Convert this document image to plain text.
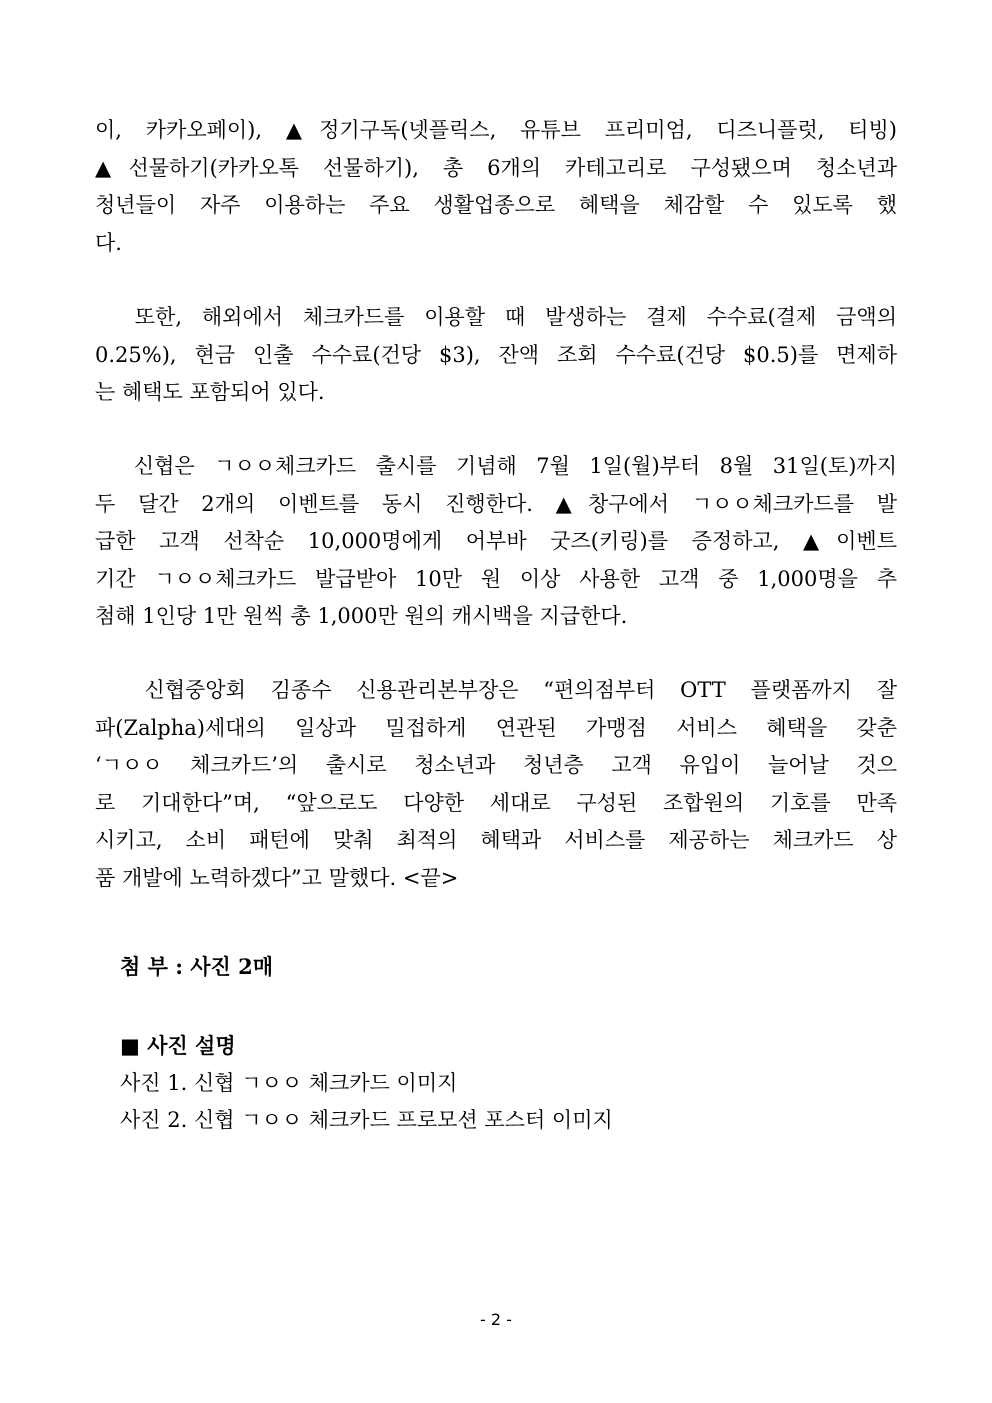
이, 카카오페이), ▲정기구독(넷플릭스, 유튜브 프리미엄, 디즈니플럿, 티빙)
▲선물하기(카카오톡 선물하기), 총 6개의 카테고리로 구성됐으며 청소년과
청년들이 자주 이용하는 주요 생활업종으로 혜택을 체감할 수 있도록 했
다.
또한, 해외에서 체크카드를 이용할 때 발생하는 결제 수수료(결제 금액의
0.25%), 현금 인출 수수료(건당 $3), 잔액 조회 수수료(건당 $0.5)를 면제하
는 혜택도 포함되어 있다.
신협은 ㄱㅇㅇ체크카드 출시를 기념해 7월 1일(월)부터 8월 31일(토)까지
두 달간 2개의 이벤트를 동시 진행한다. ▲창구에서 ㄱㅇㅇ체크카드를 발
급한 고객 선착순 10,000명에게 어부바 굿즈(키링)를 증정하고, ▲이벤트
기간 ㄱㅇㅇ체크카드 발급받아 10만 원 이상 사용한 고객 중 1,000명을 추
첨해 1인당 1만 원씩 총 1,000만 원의 캐시백을 지급한다.
신협중앙회 김종수 신용관리본부장은 “편의점부터 OTT 플랫폼까지 잘
파(Zalpha)세대의 일상과 밀접하게 연관된 가맹점 서비스 혜택을 갖춘
‘ㄱㅇㅇ 체크카드’의 출시로 청소년과 청년층 고객 유입이 늘어날 것으
로 기대한다”며, “앞으로도 다양한 세대로 구성된 조합원의 기호를 만족
시키고, 소비 패턴에 맞춰 최적의 혜택과 서비스를 제공하는 체크카드 상
품 개발에 노력하겠다”고 말했다. <끝>
첨 부 : 사진 2매
■ 사진 설명
사진 1. 신협 ㄱㅇㅇ 체크카드 이미지
사진 2. 신협 ㄱㅇㅇ 체크카드 프로모션 포스터 이미지
- 2 -
